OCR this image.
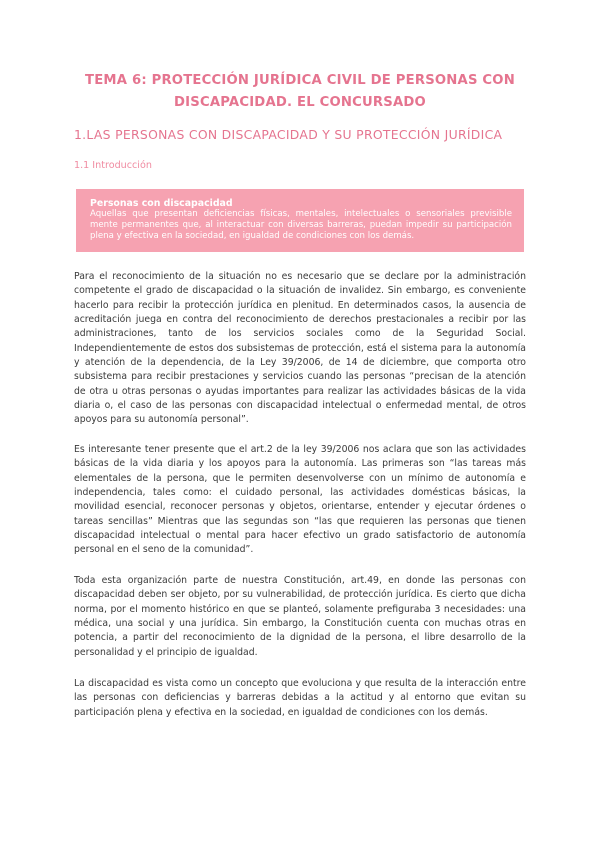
TEMA 6: PROTECCIÓN JURÍDICA CIVIL DE PERSONAS CON
DISCAPACIDAD. EL CONCURSADO
1.LAS PERSONAS CON DISCAPACIDAD Y SU PROTECCIÓN JURÍDICA
1.1 Introducción
Personas con discapacidad
Aquellas que presentan deficiencias físicas, mentales, intelectuales o sensoriales previsible mente permanentes que, al interactuar con diversas barreras, puedan impedir su participación plena y efectiva en la sociedad, en igualdad de condiciones con los demás.

Para el reconocimiento de la situación no es necesario que se declare por la administración competente el grado de discapacidad o la situación de invalidez. Sin embargo, es conveniente hacerlo para recibir la protección jurídica en plenitud. En determinados casos, la ausencia de acreditación juega en contra del reconocimiento de derechos prestacionales a recibir por las administraciones, tanto de los servicios sociales como de la Seguridad Social. Independientemente de estos dos subsistemas de protección, está el sistema para la autonomía y atención de la dependencia, de la Ley 39/2006, de 14 de diciembre, que comporta otro subsistema para recibir prestaciones y servicios cuando las personas “precisan de la atención de otra u otras personas o ayudas importantes para realizar las actividades básicas de la vida diaria o, el caso de las personas con discapacidad intelectual o enfermedad mental, de otros apoyos para su autonomía personal”.

Es interesante tener presente que el art.2 de la ley 39/2006 nos aclara que son las actividades básicas de la vida diaria y los apoyos para la autonomía. Las primeras son “las tareas más elementales de la persona, que le permiten desenvolverse con un mínimo de autonomía e independencia, tales como: el cuidado personal, las actividades domésticas básicas, la movilidad esencial, reconocer personas y objetos, orientarse, entender y ejecutar órdenes o tareas sencillas” Mientras que las segundas son “las que requieren las personas que tienen discapacidad intelectual o mental para hacer efectivo un grado satisfactorio de autonomía personal en el seno de la comunidad”.

Toda esta organización parte de nuestra Constitución, art.49, en donde las personas con discapacidad deben ser objeto, por su vulnerabilidad, de protección jurídica. Es cierto que dicha norma, por el momento histórico en que se planteó, solamente prefiguraba 3 necesidades: una médica, una social y una jurídica. Sin embargo, la Constitución cuenta con muchas otras en potencia, a partir del reconocimiento de la dignidad de la persona, el libre desarrollo de la personalidad y el principio de igualdad.

La discapacidad es vista como un concepto que evoluciona y que resulta de la interacción entre las personas con deficiencias y barreras debidas a la actitud y al entorno que evitan su participación plena y efectiva en la sociedad, en igualdad de condiciones con los demás.
